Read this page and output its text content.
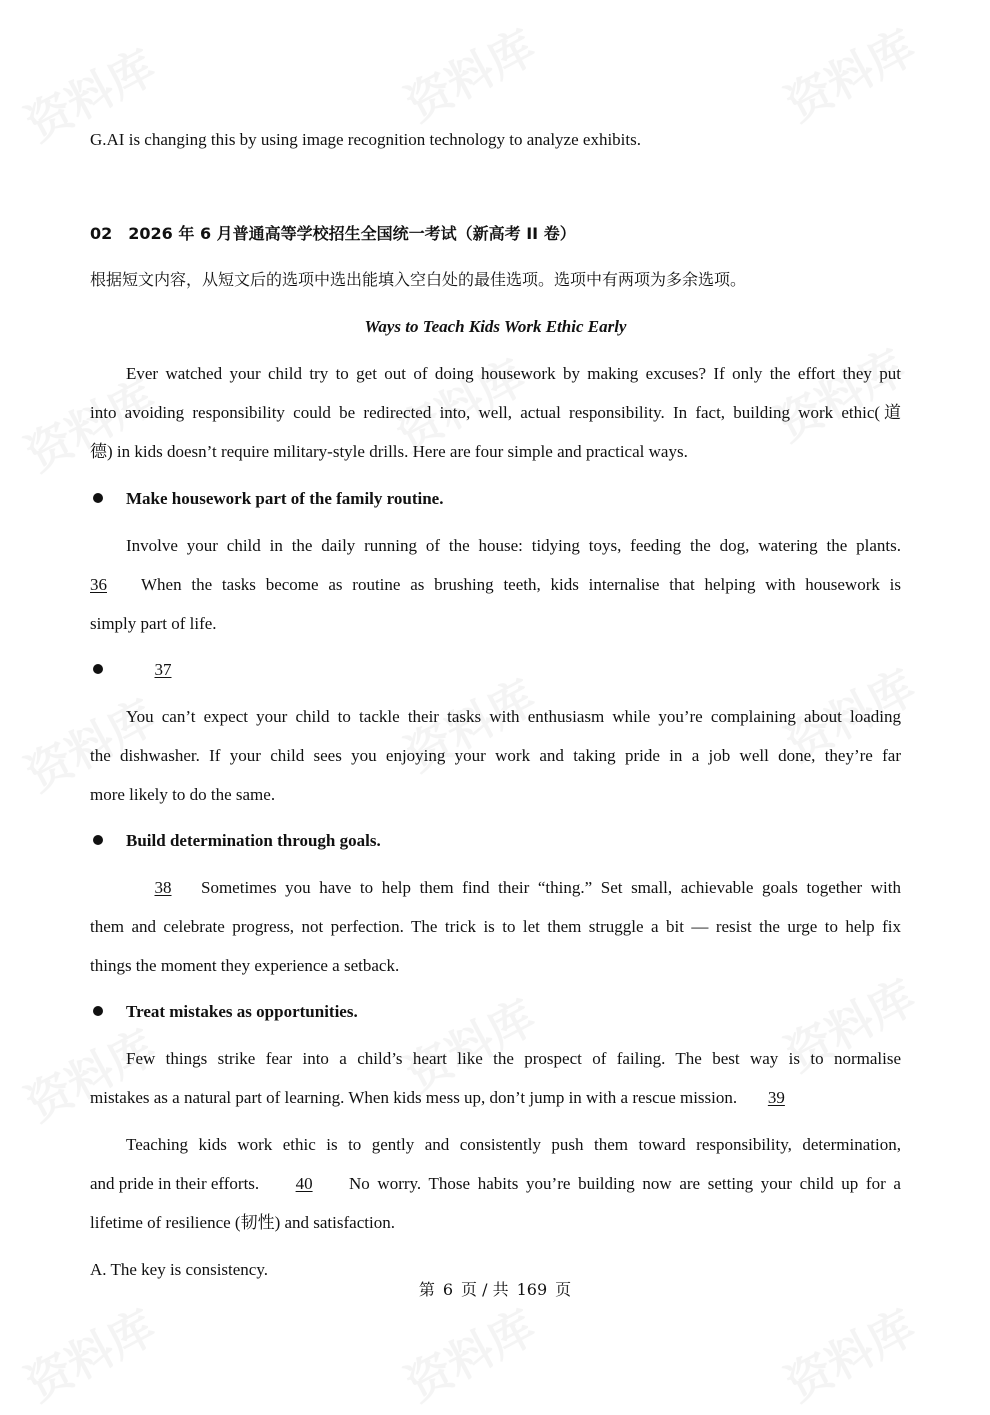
G.AI is changing this by using image recognition technology to analyze exhibits.
02　2026 年 6 月普通高等学校招生全国统一考试（新高考 II 卷）
根据短文内容，从短文后的选项中选出能填入空白处的最佳选项。选项中有两项为多余选项。
Ways to Teach Kids Work Ethic Early
Ever watched your child try to get out of doing housework by making excuses? If only the effort they put
into avoiding responsibility could be redirected into, well, actual responsibility. In fact, building work ethic(道
德) in kids doesn’t require military-style drills. Here are four simple and practical ways.
Make housework part of the family routine.
Involve your child in the daily running of the house: tidying toys, feeding the dog, watering the plants.
36	When the tasks become as routine as brushing teeth, kids internalise that helping with housework is
simply part of life.
37
You can’t expect your child to tackle their tasks with enthusiasm while you’re complaining about loading
the dishwasher. If your child sees you enjoying your work and taking pride in a job well done, they’re far
more likely to do the same.
Build determination through goals.
38	Sometimes you have to help them find their “thing.” Set small, achievable goals together with
them and celebrate progress, not perfection. The trick is to let them struggle a bit — resist the urge to help fix
things the moment they experience a setback.
Treat mistakes as opportunities.
Few things strike fear into a child’s heart like the prospect of failing. The best way is to normalise
mistakes as a natural part of learning. When kids mess up, don’t jump in with a rescue mission. 39
Teaching kids work ethic is to gently and consistently push them toward responsibility, determination,
and pride in their efforts.	40	No worry. Those habits you’re building now are setting your child up for a
lifetime of resilience (韧性) and satisfaction.
A. The key is consistency.
第 6 页 / 共 169 页
